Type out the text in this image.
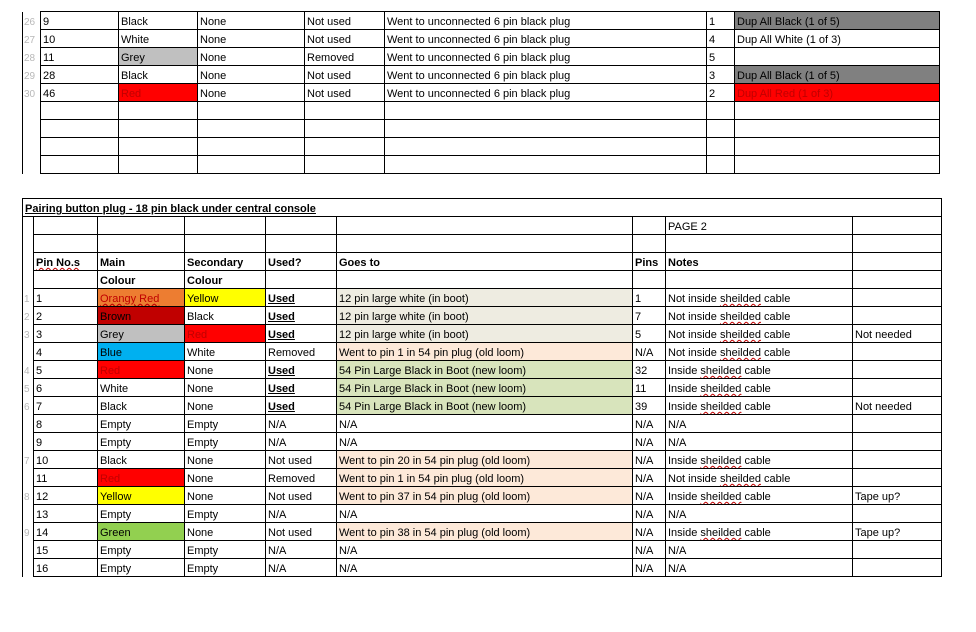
26	9	Black	None	Not used	Went to unconnected 6 pin black plug	1	Dup All Black (1 of 5)	
27	10	White	None	Not used	Went to unconnected 6 pin black plug	4	Dup All White (1 of 3)	
28	11	Grey	None	Removed	Went to unconnected 6 pin black plug	5		
29	28	Black	None	Not used	Went to unconnected 6 pin black plug	3	Dup All Black (1 of 5)	
30	46	Red	None	Not used	Went to unconnected 6 pin black plug	2	Dup All Red (1 of 3)	

Pairing button plug - 18 pin black under central console								
							PAGE 2	

	Pin No.s	Main	Secondary	Used?	Goes to	Pins	Notes	
		Colour	Colour					
1	1	Orangy Red	Yellow	Used	12 pin large white (in boot)	1	Not inside sheilded cable	
2	2	Brown	Black	Used	12 pin large white (in boot)	7	Not inside sheilded cable	
3	3	Grey	Red	Used	12 pin large white (in boot)	5	Not inside sheilded cable	Not needed
	4	Blue	White	Removed	Went to pin 1 in 54 pin plug (old loom)	N/A	Not inside sheilded cable	
4	5	Red	None	Used	54 Pin Large Black in Boot (new loom)	32	Inside sheilded cable	
5	6	White	None	Used	54 Pin Large Black in Boot (new loom)	11	Inside sheilded cable	
6	7	Black	None	Used	54 Pin Large Black in Boot (new loom)	39	Inside sheilded cable	Not needed
	8	Empty	Empty	N/A	N/A	N/A	N/A	
	9	Empty	Empty	N/A	N/A	N/A	N/A	
7	10	Black	None	Not used	Went to pin 20 in 54 pin plug (old loom)	N/A	Inside sheilded cable	
	11	Red	None	Removed	Went to pin 1 in 54 pin plug (old loom)	N/A	Not inside sheilded cable	
8	12	Yellow	None	Not used	Went to pin 37 in 54 pin plug (old loom)	N/A	Inside sheilded cable	Tape up?
	13	Empty	Empty	N/A	N/A	N/A	N/A	
9	14	Green	None	Not used	Went to pin 38 in 54 pin plug (old loom)	N/A	Inside sheilded cable	Tape up?
	15	Empty	Empty	N/A	N/A	N/A	N/A	
	16	Empty	Empty	N/A	N/A	N/A	N/A	
